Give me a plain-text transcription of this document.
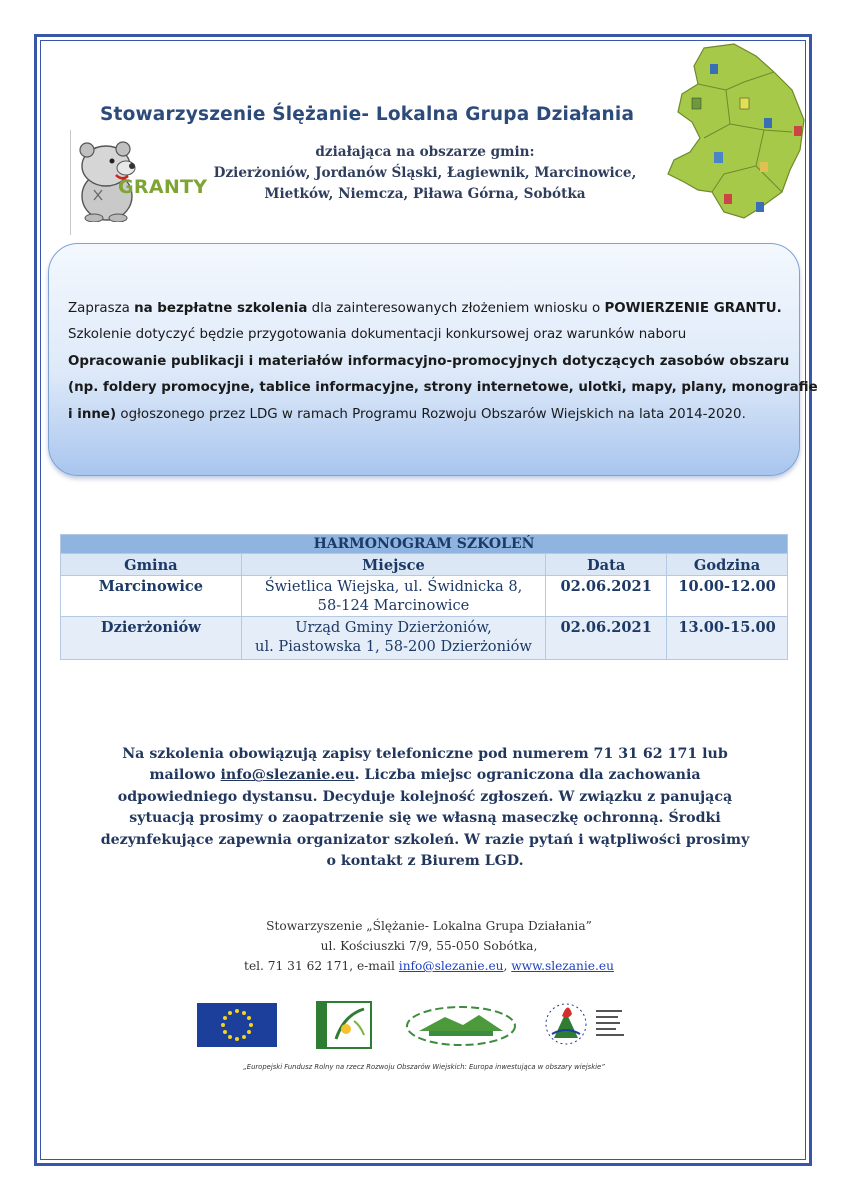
Stowarzyszenie Ślężanie- Lokalna Grupa Działania
działająca na obszarze gmin:
Dzierżoniów, Jordanów Śląski, Łagiewnik, Marcinowice,
Mietków, Niemcza, Piława Górna, Sobótka
GRANTY
Zaprasza na bezpłatne szkolenia dla zainteresowanych złożeniem wniosku o POWIERZENIE GRANTU.
Szkolenie dotyczyć będzie przygotowania dokumentacji konkursowej oraz warunków naboru
Opracowanie publikacji i materiałów informacyjno-promocyjnych dotyczących zasobów obszaru
(np. foldery promocyjne, tablice informacyjne, strony internetowe, ulotki, mapy, plany, monografie
i inne) ogłoszonego przez LDG w ramach Programu Rozwoju Obszarów Wiejskich na lata 2014-2020.
HARMONOGRAM SZKOLEŃ			
Gmina	Miejsce	Data	Godzina
Marcinowice	Świetlica Wiejska, ul. Świdnicka 8,
58-124 Marcinowice	02.06.2021	10.00-12.00
Dzierżoniów	Urząd Gminy Dzierżoniów,
ul. Piastowska 1, 58-200 Dzierżoniów	02.06.2021	13.00-15.00
Na szkolenia obowiązują zapisy telefoniczne pod numerem 71 31 62 171 lub
mailowo info@slezanie.eu. Liczba miejsc ograniczona dla zachowania
odpowiedniego dystansu. Decyduje kolejność zgłoszeń. W związku z panującą
sytuacją prosimy o zaopatrzenie się we własną maseczkę ochronną. Środki
dezynfekujące zapewnia organizator szkoleń. W razie pytań i wątpliwości prosimy
o kontakt z Biurem LGD.
Stowarzyszenie „Ślężanie- Lokalna Grupa Działania”
ul. Kościuszki 7/9, 55-050 Sobótka,
tel. 71 31 62 171, e-mail info@slezanie.eu, www.slezanie.eu
„Europejski Fundusz Rolny na rzecz Rozwoju Obszarów Wiejskich: Europa inwestująca w obszary wiejskie”
